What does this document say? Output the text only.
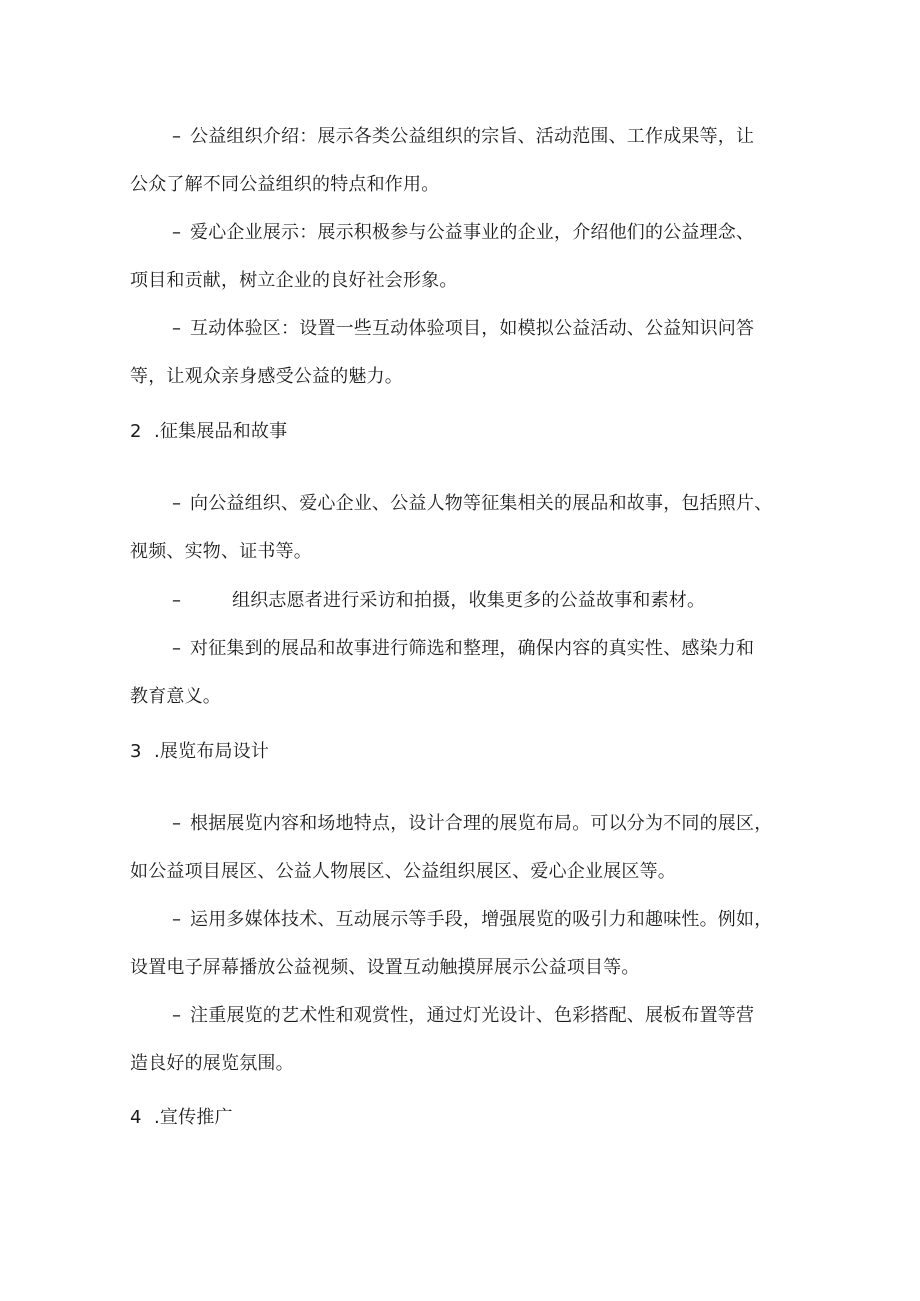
– 公益组织介绍：展示各类公益组织的宗旨、活动范围、工作成果等，让
公众了解不同公益组织的特点和作用。
– 爱心企业展示：展示积极参与公益事业的企业，介绍他们的公益理念、
项目和贡献，树立企业的良好社会形象。
– 互动体验区：设置一些互动体验项目，如模拟公益活动、公益知识问答
等，让观众亲身感受公益的魅力。
2 .征集展品和故事
– 向公益组织、爱心企业、公益人物等征集相关的展品和故事，包括照片、
视频、实物、证书等。
–	组织志愿者进行采访和拍摄，收集更多的公益故事和素材。
– 对征集到的展品和故事进行筛选和整理，确保内容的真实性、感染力和
教育意义。
3 .展览布局设计
– 根据展览内容和场地特点，设计合理的展览布局。可以分为不同的展区，
如公益项目展区、公益人物展区、公益组织展区、爱心企业展区等。
– 运用多媒体技术、互动展示等手段，增强展览的吸引力和趣味性。例如，
设置电子屏幕播放公益视频、设置互动触摸屏展示公益项目等。
– 注重展览的艺术性和观赏性，通过灯光设计、色彩搭配、展板布置等营
造良好的展览氛围。
4 .宣传推广
